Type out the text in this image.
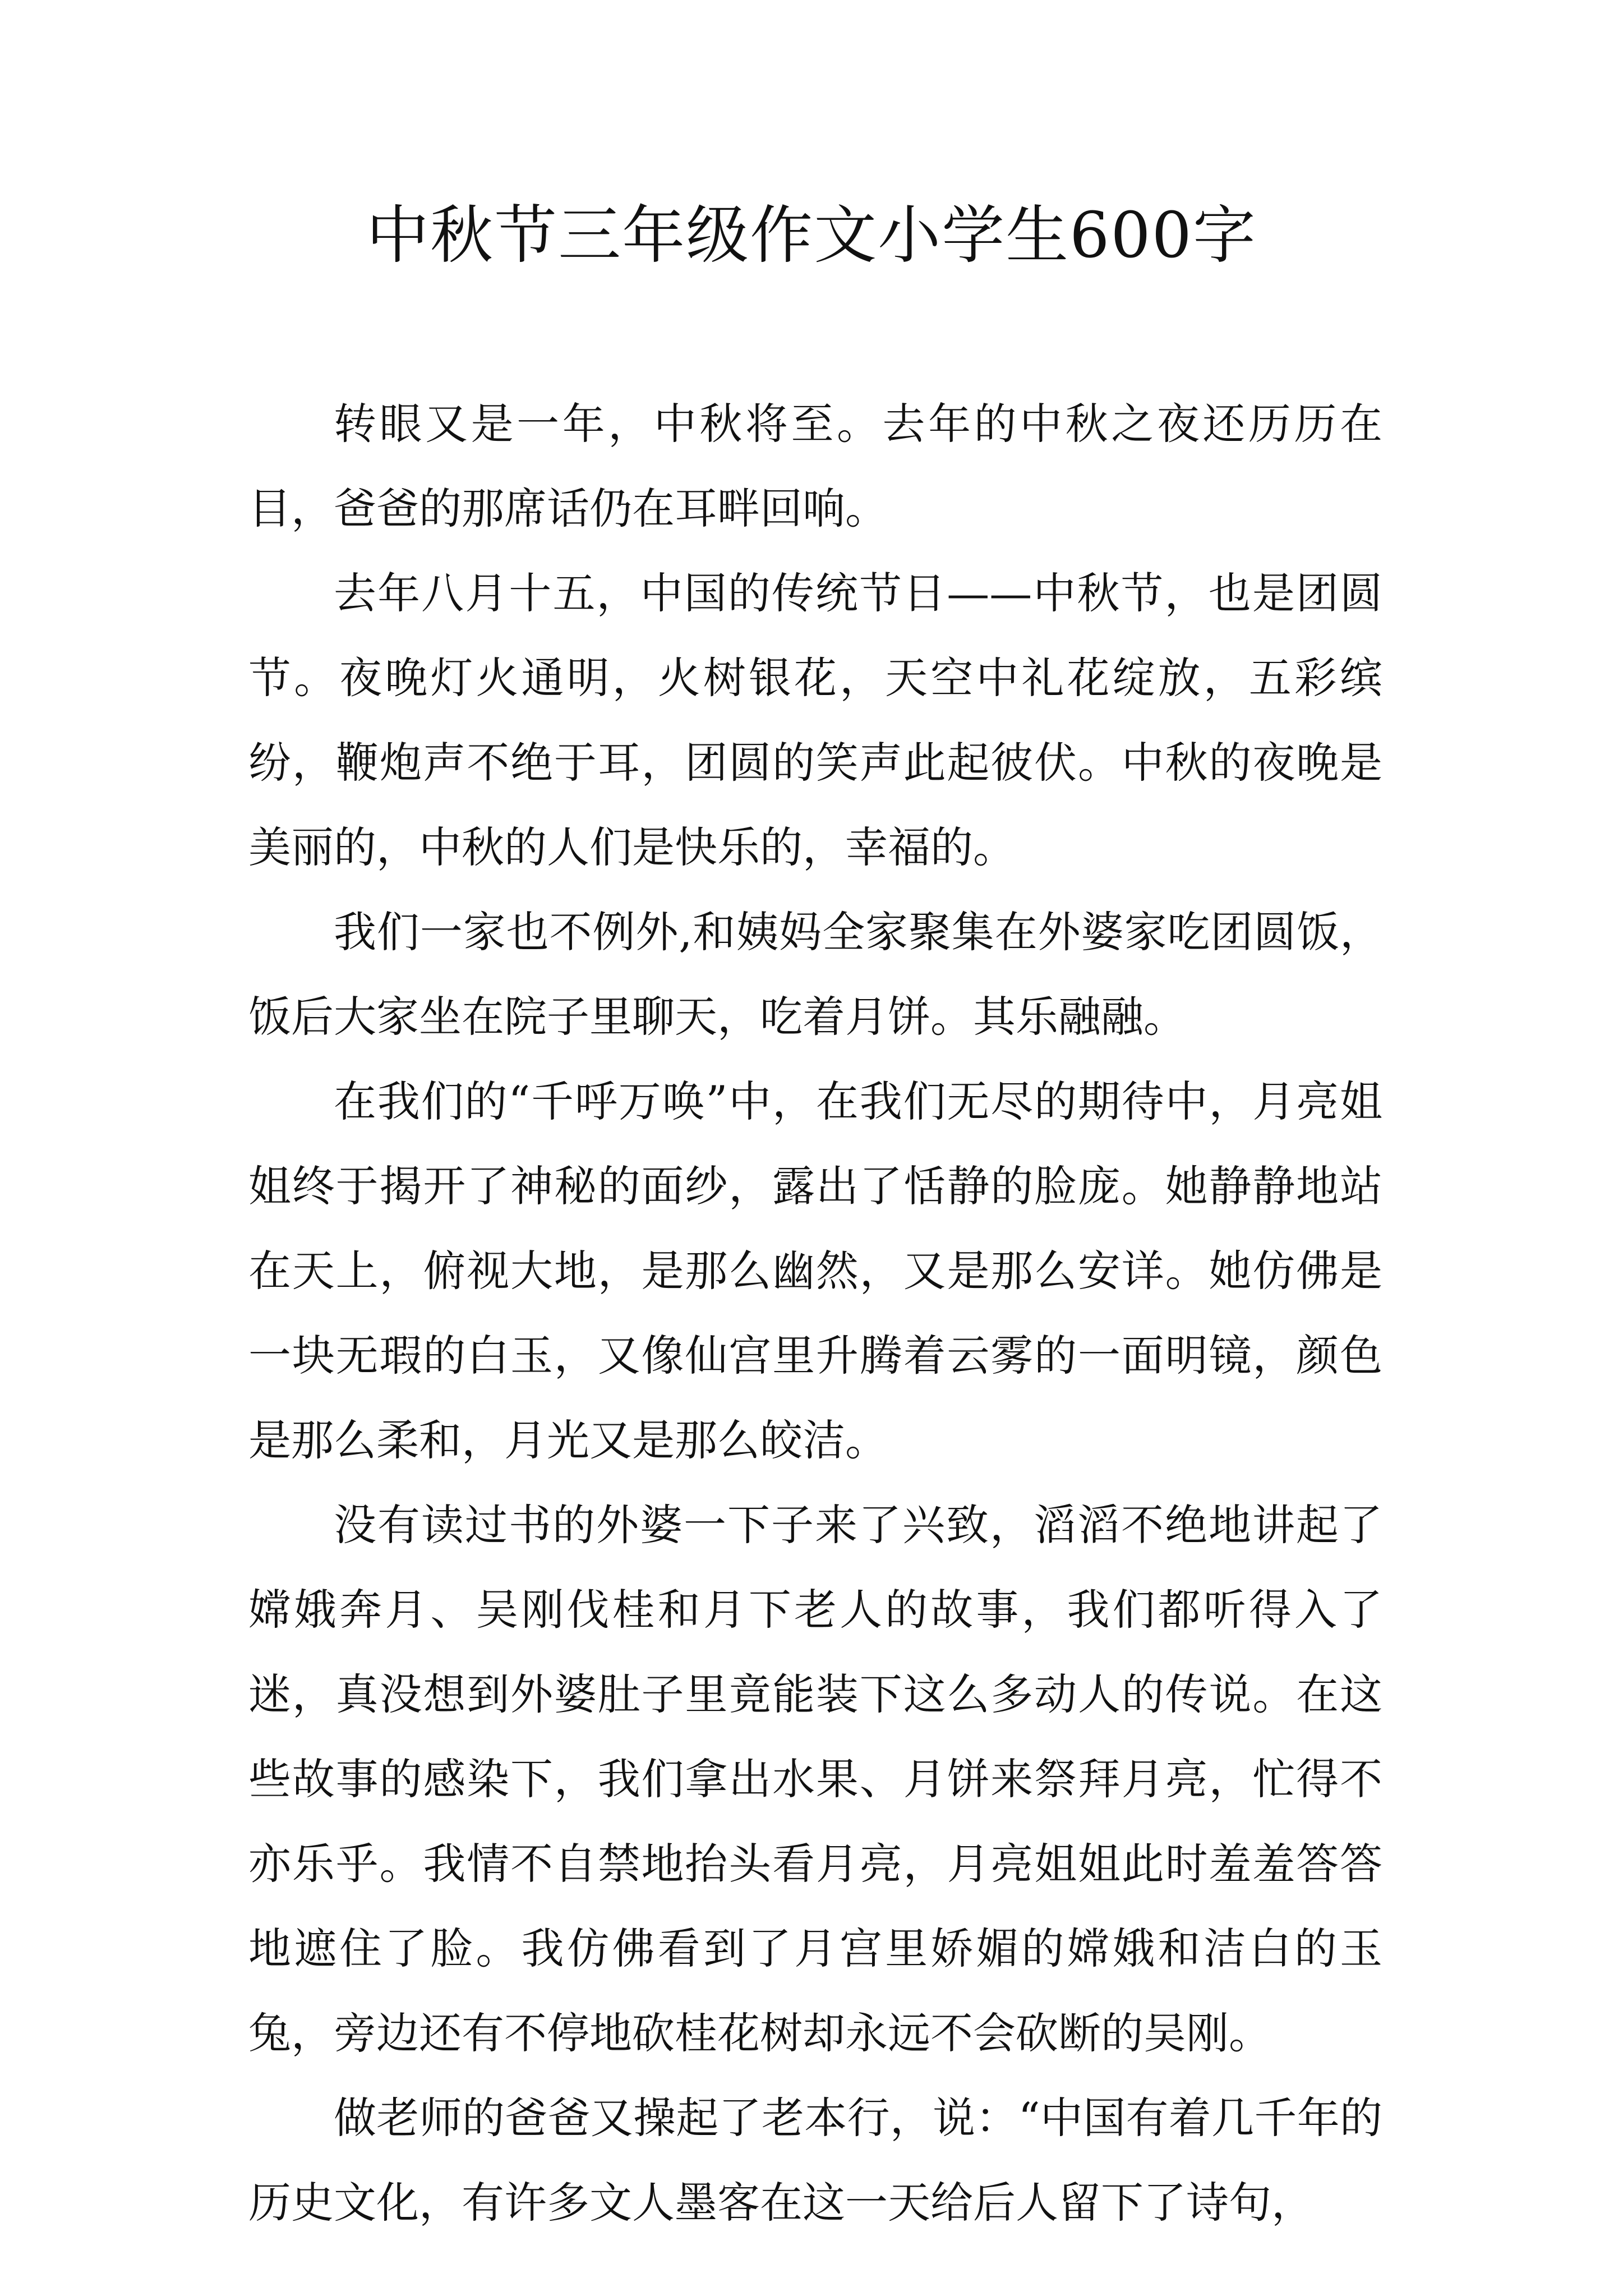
中秋节三年级作文小学生600字

转眼又是一年，中秋将至。去年的中秋之夜还历历在目，爸爸的那席话仍在耳畔回响。

去年八月十五，中国的传统节日——中秋节，也是团圆节。夜晚灯火通明，火树银花，天空中礼花绽放，五彩缤纷，鞭炮声不绝于耳，团圆的笑声此起彼伏。中秋的夜晚是美丽的，中秋的人们是快乐的，幸福的。

我们一家也不例外,和姨妈全家聚集在外婆家吃团圆饭，饭后大家坐在院子里聊天，吃着月饼。其乐融融。

在我们的“千呼万唤”中，在我们无尽的期待中，月亮姐姐终于揭开了神秘的面纱，露出了恬静的脸庞。她静静地站在天上，俯视大地，是那么幽然，又是那么安详。她仿佛是一块无瑕的白玉，又像仙宫里升腾着云雾的一面明镜，颜色是那么柔和，月光又是那么皎洁。

没有读过书的外婆一下子来了兴致，滔滔不绝地讲起了嫦娥奔月、吴刚伐桂和月下老人的故事，我们都听得入了迷，真没想到外婆肚子里竟能装下这么多动人的传说。在这些故事的感染下，我们拿出水果、月饼来祭拜月亮，忙得不亦乐乎。我情不自禁地抬头看月亮，月亮姐姐此时羞羞答答地遮住了脸。我仿佛看到了月宫里娇媚的嫦娥和洁白的玉兔，旁边还有不停地砍桂花树却永远不会砍断的吴刚。

做老师的爸爸又操起了老本行，说：“中国有着几千年的历史文化，有许多文人墨客在这一天给后人留下了诗句，
